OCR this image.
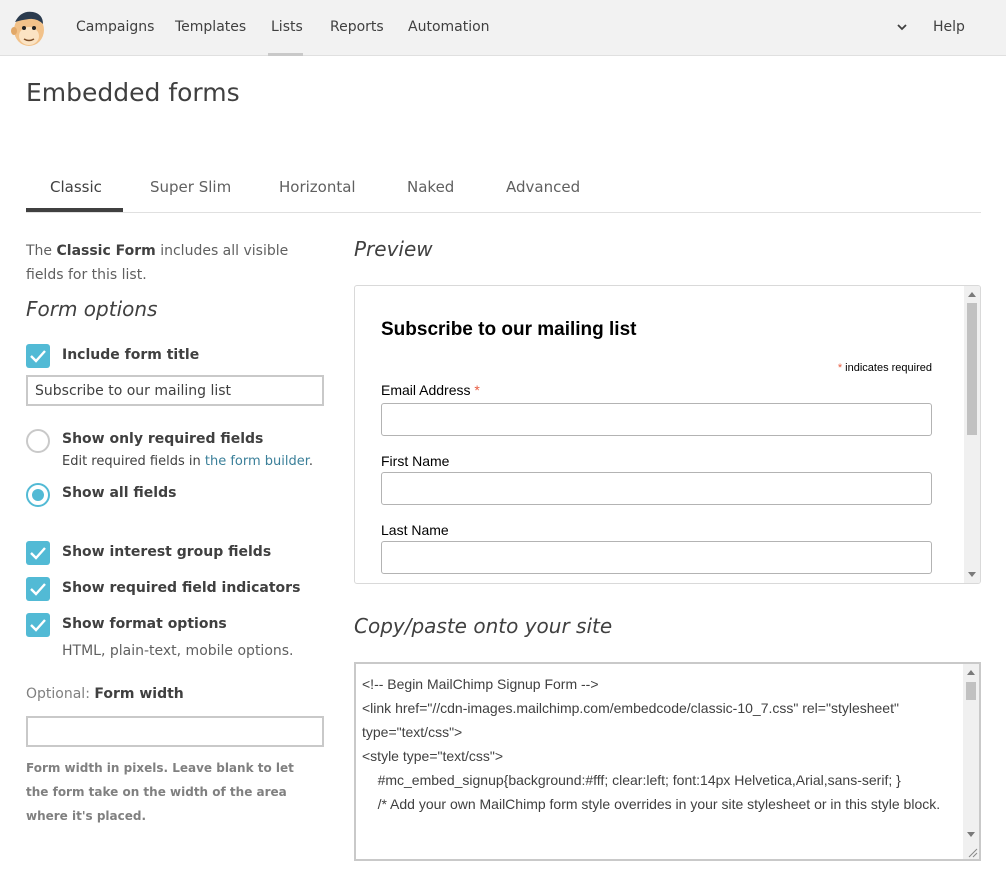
Campaigns Templates Lists Reports Automation	Help
Embedded forms
Classic	Super Slim	Horizontal	Naked	Advanced

The Classic Form includes all visible fields for this list.

Form options
Include form title
Subscribe to our mailing list
Show only required fields
Edit required fields in the form builder.
Show all fields
Show interest group fields
Show required field indicators
Show format options
HTML, plain-text, mobile options.
Optional: Form width

Form width in pixels. Leave blank to let the form take on the width of the area where it's placed.

Preview
Subscribe to our mailing list
* indicates required
Email Address *
First Name
Last Name
Copy/paste onto your site
<!-- Begin MailChimp Signup Form -->
<link href="//cdn-images.mailchimp.com/embedcode/classic-10_7.css" rel="stylesheet" type="text/css">
<style type="text/css">
	#mc_embed_signup{background:#fff; clear:left; font:14px Helvetica,Arial,sans-serif; }
	/* Add your own MailChimp form style overrides in your site stylesheet or in this style block.
